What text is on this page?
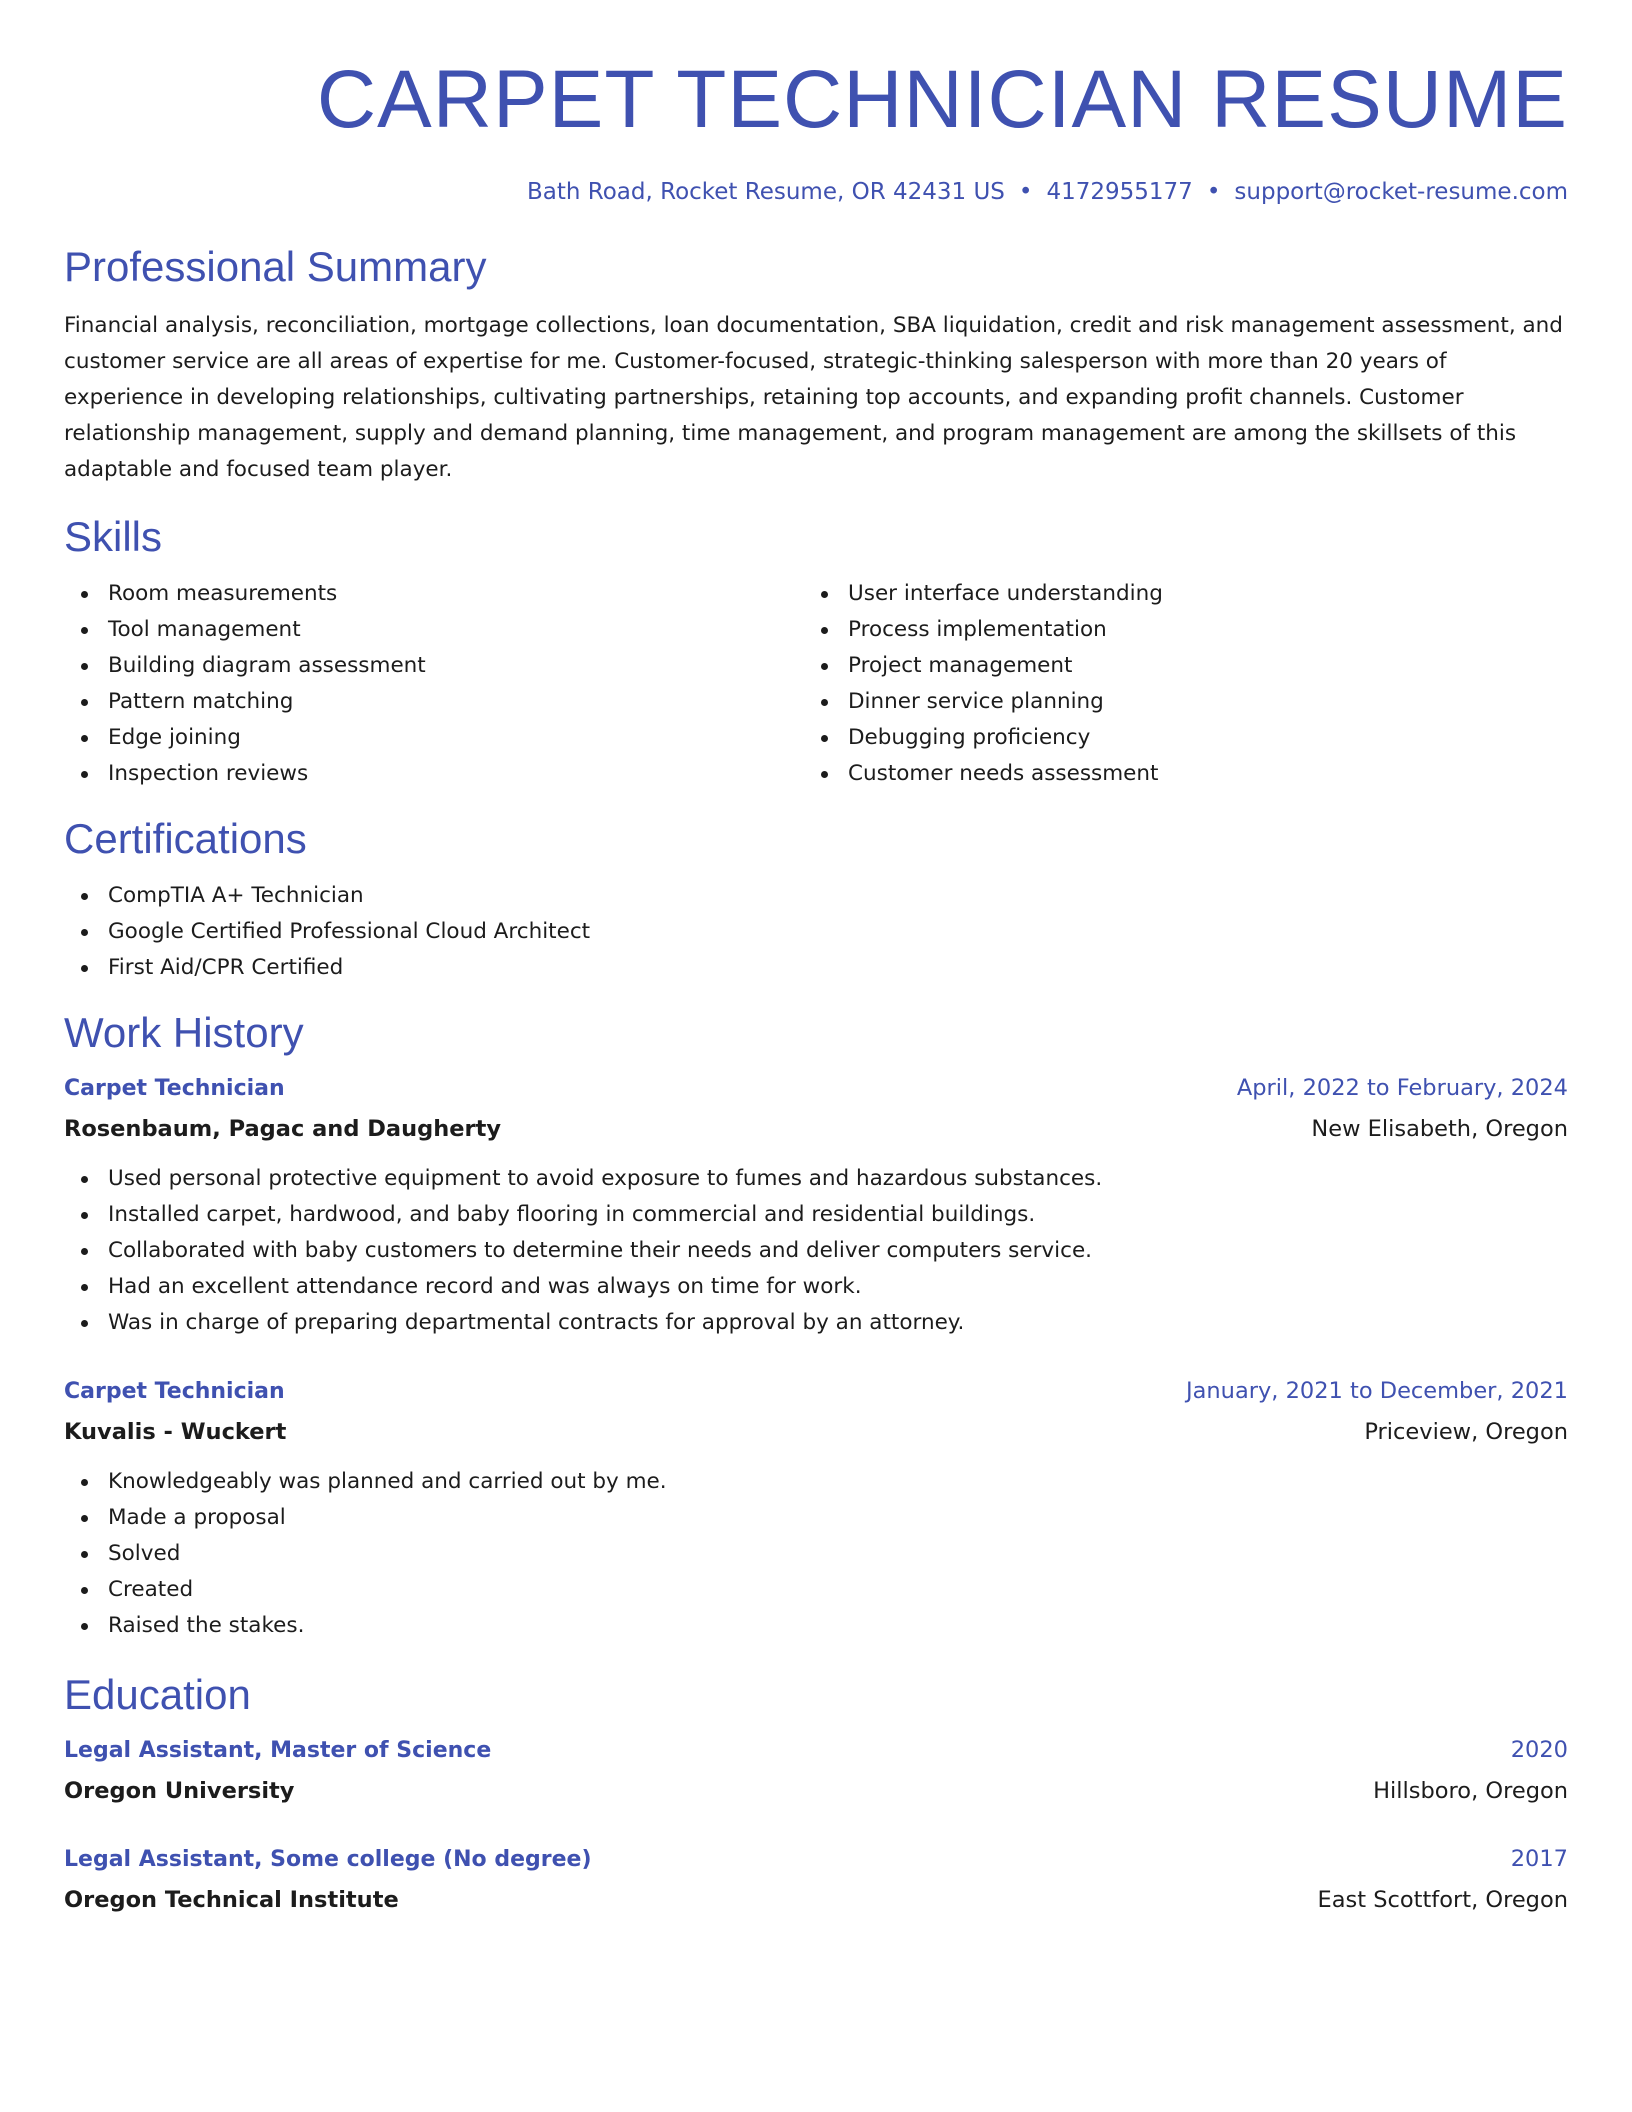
CARPET TECHNICIAN RESUME
Bath Road, Rocket Resume, OR 42431 US • 4172955177 • support@rocket-resume.com
Professional Summary

Financial analysis, reconciliation, mortgage collections, loan documentation, SBA liquidation, credit and risk management assessment, and customer service are all areas of expertise for me. Customer-focused, strategic-thinking salesperson with more than 20 years of experience in developing relationships, cultivating partnerships, retaining top accounts, and expanding profit channels. Customer relationship management, supply and demand planning, time management, and program management are among the skillsets of this adaptable and focused team player.

Skills
Room measurements
Tool management
Building diagram assessment
Pattern matching
Edge joining
Inspection reviews
User interface understanding
Process implementation
Project management
Dinner service planning
Debugging proficiency
Customer needs assessment
Certifications
CompTIA A+ Technician
Google Certified Professional Cloud Architect
First Aid/CPR Certified
Work History
Carpet Technician	April, 2022 to February, 2024
Rosenbaum, Pagac and Daugherty	New Elisabeth, Oregon
Used personal protective equipment to avoid exposure to fumes and hazardous substances.
Installed carpet, hardwood, and baby flooring in commercial and residential buildings.
Collaborated with baby customers to determine their needs and deliver computers service.
Had an excellent attendance record and was always on time for work.
Was in charge of preparing departmental contracts for approval by an attorney.
Carpet Technician	January, 2021 to December, 2021
Kuvalis - Wuckert	Priceview, Oregon
Knowledgeably was planned and carried out by me.
Made a proposal
Solved
Created
Raised the stakes.
Education
Legal Assistant, Master of Science	2020
Oregon University	Hillsboro, Oregon
Legal Assistant, Some college (No degree)	2017
Oregon Technical Institute	East Scottfort, Oregon
